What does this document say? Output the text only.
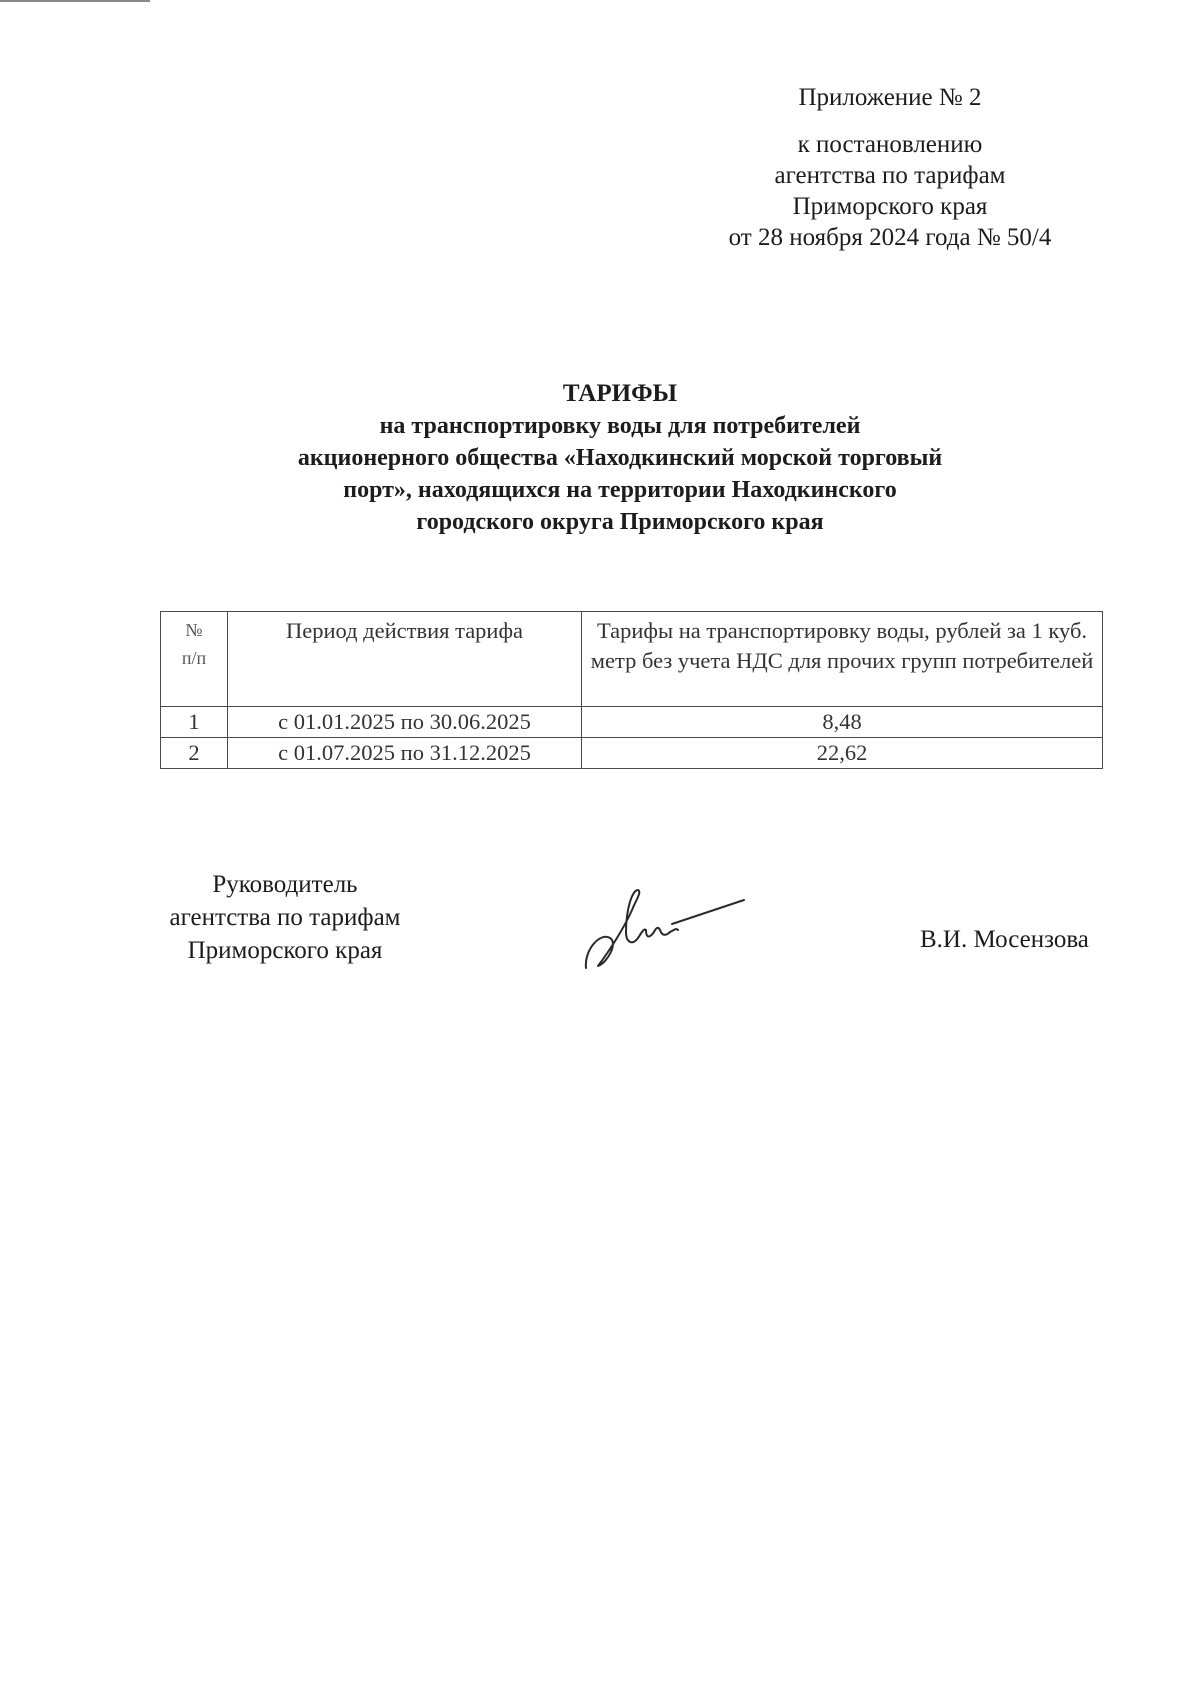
Приложение № 2
к постановлению
агентства по тарифам
Приморского края
от 28 ноября 2024 года № 50/4
ТАРИФЫ
на транспортировку воды для потребителей
акционерного общества «Находкинский морской торговый
порт», находящихся на территории Находкинского
городского округа Приморского края
№
п/п	Период действия тарифа	Тарифы на транспортировку воды, рублей за 1 куб. метр без учета НДС для прочих групп потребителей
1	с 01.01.2025 по 30.06.2025	8,48
2	с 01.07.2025 по 31.12.2025	22,62
Руководитель
агентства по тарифам
Приморского края	В.И. Мосензова
